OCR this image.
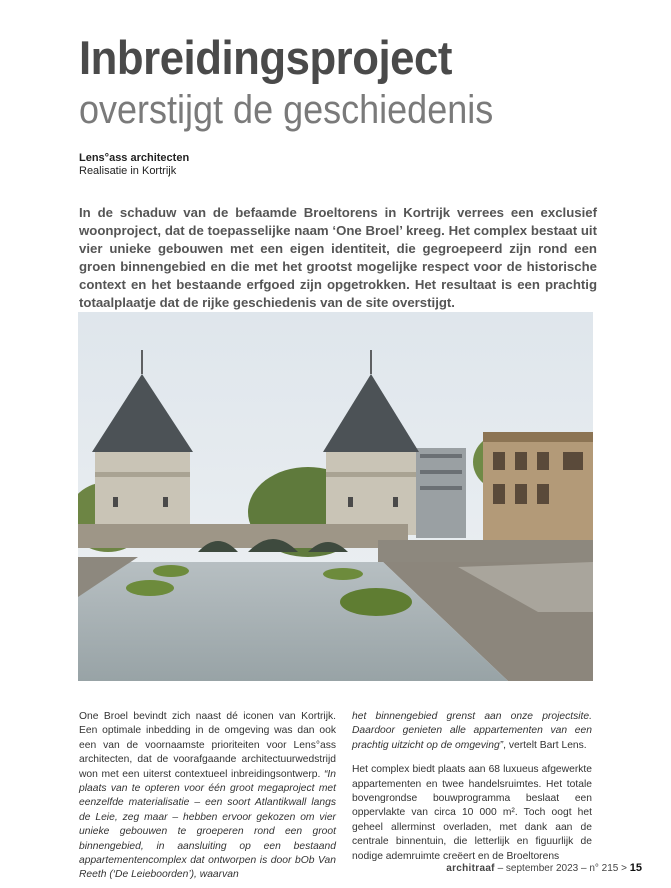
Inbreidingsproject
overstijgt de geschiedenis
Lens°ass architecten
Realisatie in Kortrijk
In de schaduw van de befaamde Broeltorens in Kortrijk verrees een exclusief woonproject, dat de toepasselijke naam ‘One Broel’ kreeg. Het complex bestaat uit vier unieke gebouwen met een eigen identiteit, die gegroepeerd zijn rond een groen binnengebied en die met het grootst mogelijke respect voor de historische context en het bestaande erfgoed zijn opgetrokken. Het resultaat is een prachtig totaalplaatje dat de rijke geschiedenis van de site overstijgt.

One Broel bevindt zich naast dé iconen van Kortrijk. Een optimale inbedding in de omgeving was dan ook een van de voornaamste prioriteiten voor Lens°ass architecten, dat de voorafgaande architectuurwedstrijd won met een uiterst contextueel inbreidingsontwerp. “In plaats van te opteren voor één groot megaproject met eenzelfde materialisatie – een soort Atlantikwall langs de Leie, zeg maar – hebben ervoor gekozen om vier unieke gebouwen te groeperen rond een groot binnengebied, in aansluiting op een bestaand appartementencomplex dat ontworpen is door bOb Van Reeth (‘De Leieboorden’), waarvan

het binnengebied grenst aan onze projectsite. Daardoor genieten alle appartementen van een prachtig uitzicht op de omgeving”, vertelt Bart Lens.

Het complex biedt plaats aan 68 luxueus afgewerkte appartementen en twee handelsruimtes. Het totale bovengrondse bouwprogramma beslaat een oppervlakte van circa 10 000 m². Toch oogt het geheel allerminst overladen, met dank aan de centrale binnentuin, die letterlijk en figuurlijk de nodige ademruimte creëert en de Broeltorens

architraaf – september 2023 – n° 215 > 15
